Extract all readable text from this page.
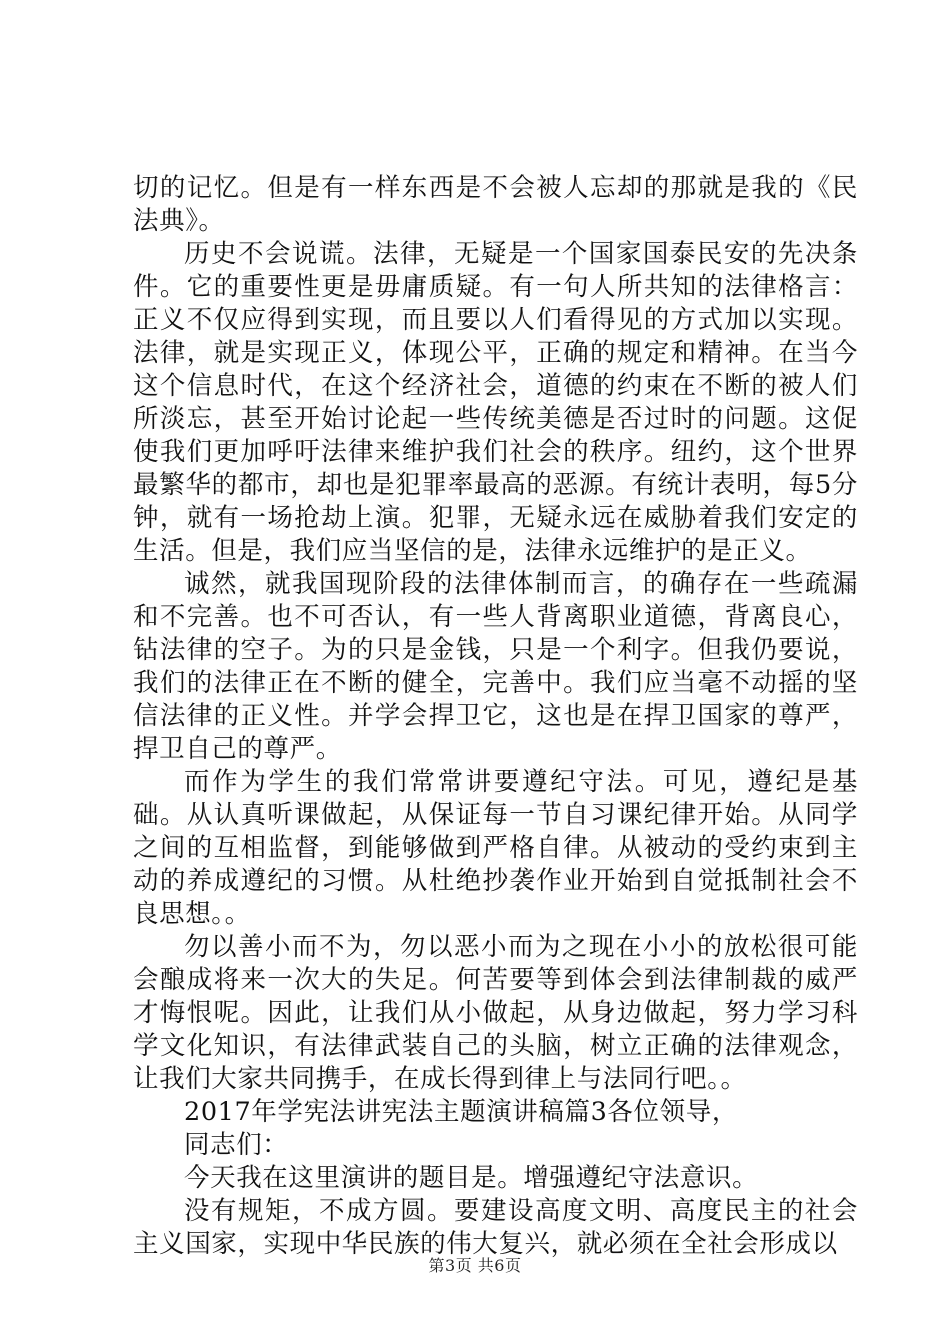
切的记忆。但是有一样东西是不会被人忘却的那就是我的《民法典》。

历史不会说谎。法律，无疑是一个国家国泰民安的先决条件。它的重要性更是毋庸质疑。有一句人所共知的法律格言：正义不仅应得到实现，而且要以人们看得见的方式加以实现。法律，就是实现正义，体现公平，正确的规定和精神。在当今这个信息时代，在这个经济社会，道德的约束在不断的被人们所淡忘，甚至开始讨论起一些传统美德是否过时的问题。这促使我们更加呼吁法律来维护我们社会的秩序。纽约，这个世界最繁华的都市，却也是犯罪率最高的恶源。有统计表明，每5分钟，就有一场抢劫上演。犯罪，无疑永远在威胁着我们安定的生活。但是，我们应当坚信的是，法律永远维护的是正义。

诚然，就我国现阶段的法律体制而言，的确存在一些疏漏和不完善。也不可否认，有一些人背离职业道德，背离良心，钻法律的空子。为的只是金钱，只是一个利字。但我仍要说，我们的法律正在不断的健全，完善中。我们应当毫不动摇的坚信法律的正义性。并学会捍卫它，这也是在捍卫国家的尊严，捍卫自己的尊严。

而作为学生的我们常常讲要遵纪守法。可见，遵纪是基础。从认真听课做起，从保证每一节自习课纪律开始。从同学之间的互相监督，到能够做到严格自律。从被动的受约束到主动的养成遵纪的习惯。从杜绝抄袭作业开始到自觉抵制社会不良思想。。

勿以善小而不为，勿以恶小而为之现在小小的放松很可能会酿成将来一次大的失足。何苦要等到体会到法律制裁的威严才悔恨呢。因此，让我们从小做起，从身边做起，努力学习科学文化知识，有法律武装自己的头脑，树立正确的法律观念，让我们大家共同携手，在成长得到律上与法同行吧。。

2017年学宪法讲宪法主题演讲稿篇3各位领导，

同志们：

今天我在这里演讲的题目是。增强遵纪守法意识。

没有规矩，不成方圆。要建设高度文明、高度民主的社会主义国家，实现中华民族的伟大复兴，就必须在全社会形成以

第3页 共6页
